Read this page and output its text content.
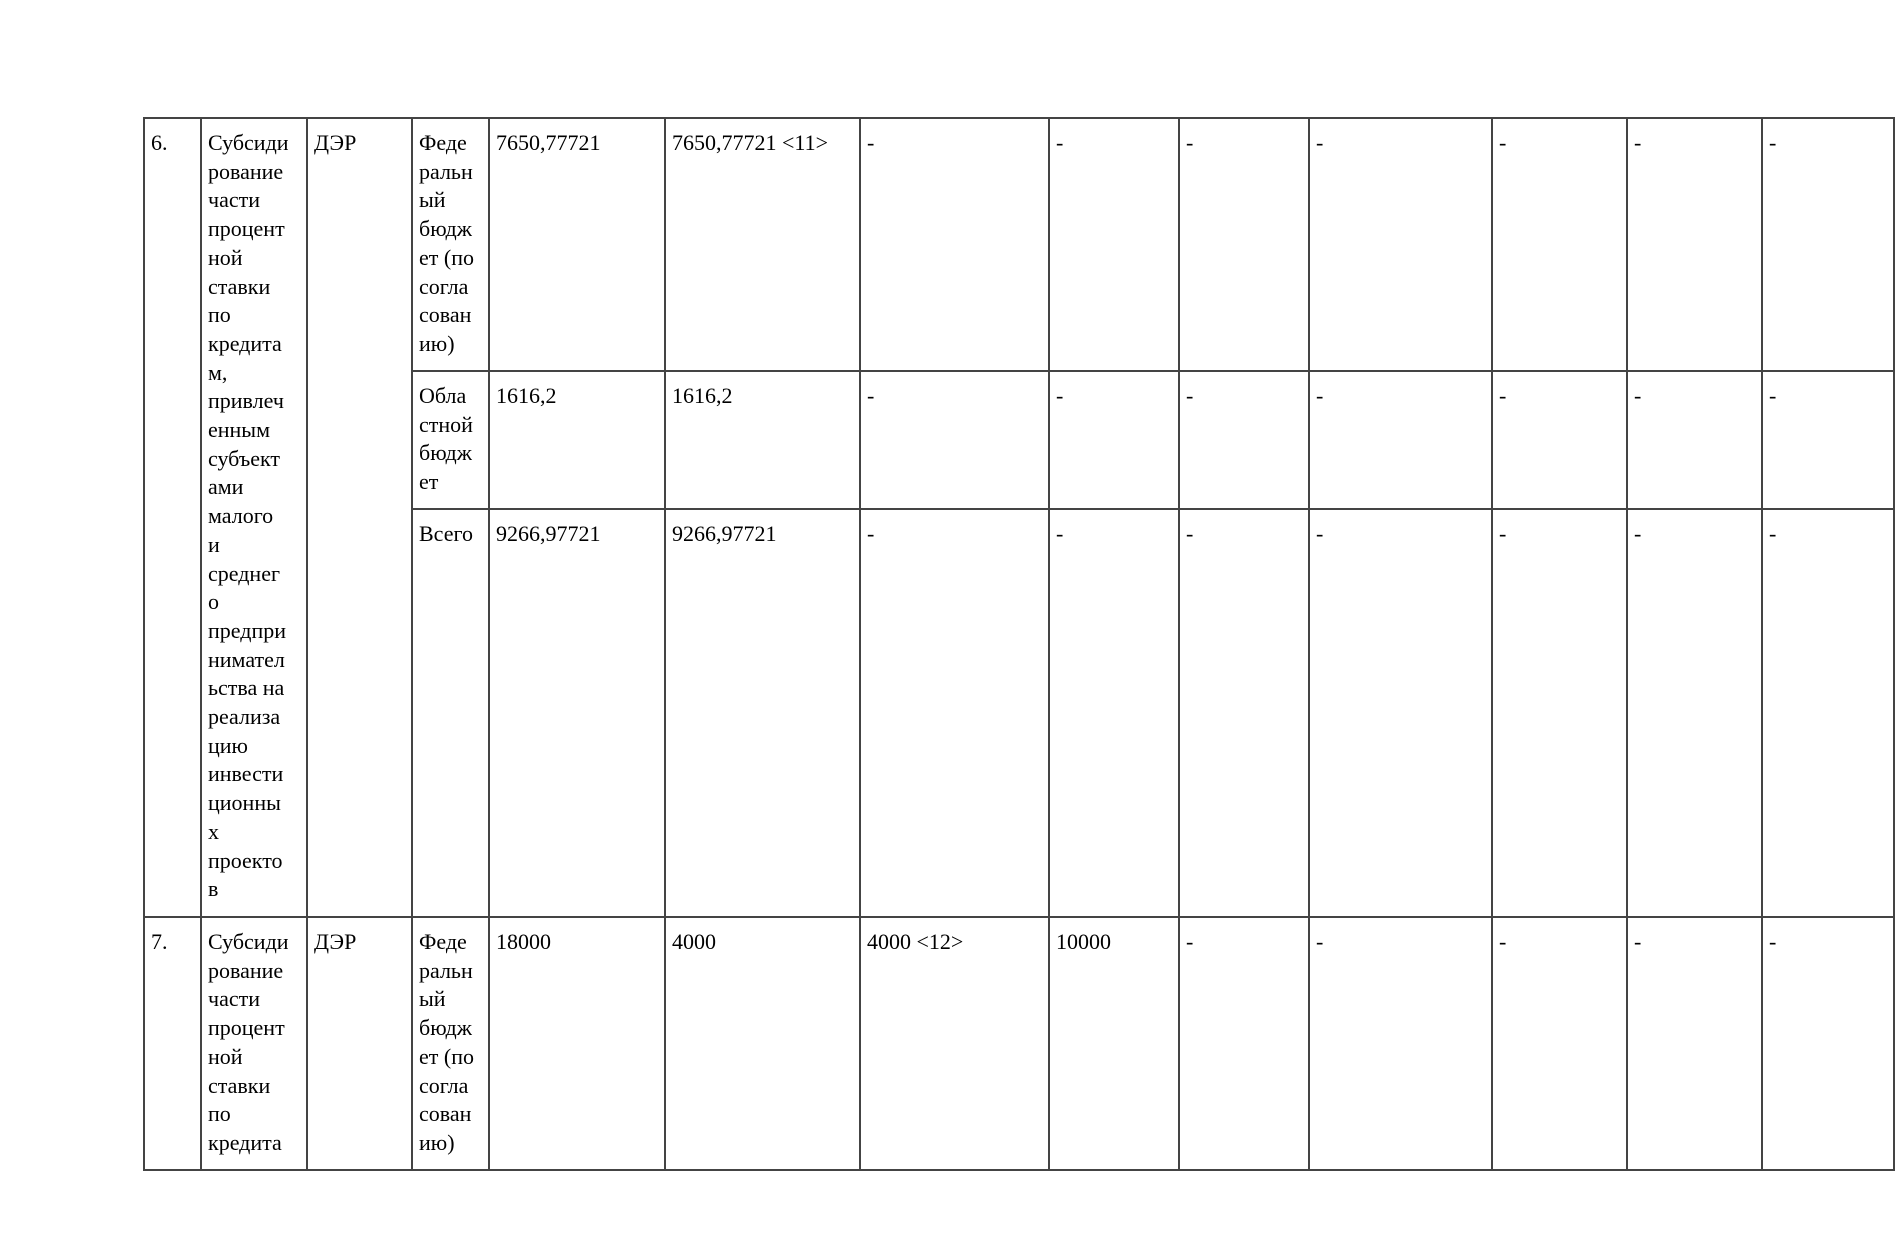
6.	Субсиди
рование
части
процент
ной
ставки
по
кредита
м,
привлеч
енным
субъект
ами
малого
и
среднег
о
предпри
нимател
ьства на
реализа
цию
инвести
ционны
х
проекто
в
	ДЭР	Феде
ральн
ый
бюдж
ет (по
согла
сован
ию)
	7650,77721	7650,77721 <11>	-	-	-	-	-	-	-

			Обла
стной
бюдж
ет	1616,2	1616,2	-	-	-	-	-	-	-
			Всего	9266,97721	9266,97721	-	-	-	-	-	-	-
7.	Субсиди
рование
части
процент
ной
ставки
по
кредита
	ДЭР	Феде
ральн
ый
бюдж
ет (по
согла
сован
ию)
	18000	4000	4000 <12>	10000	-	-	-	-	-
